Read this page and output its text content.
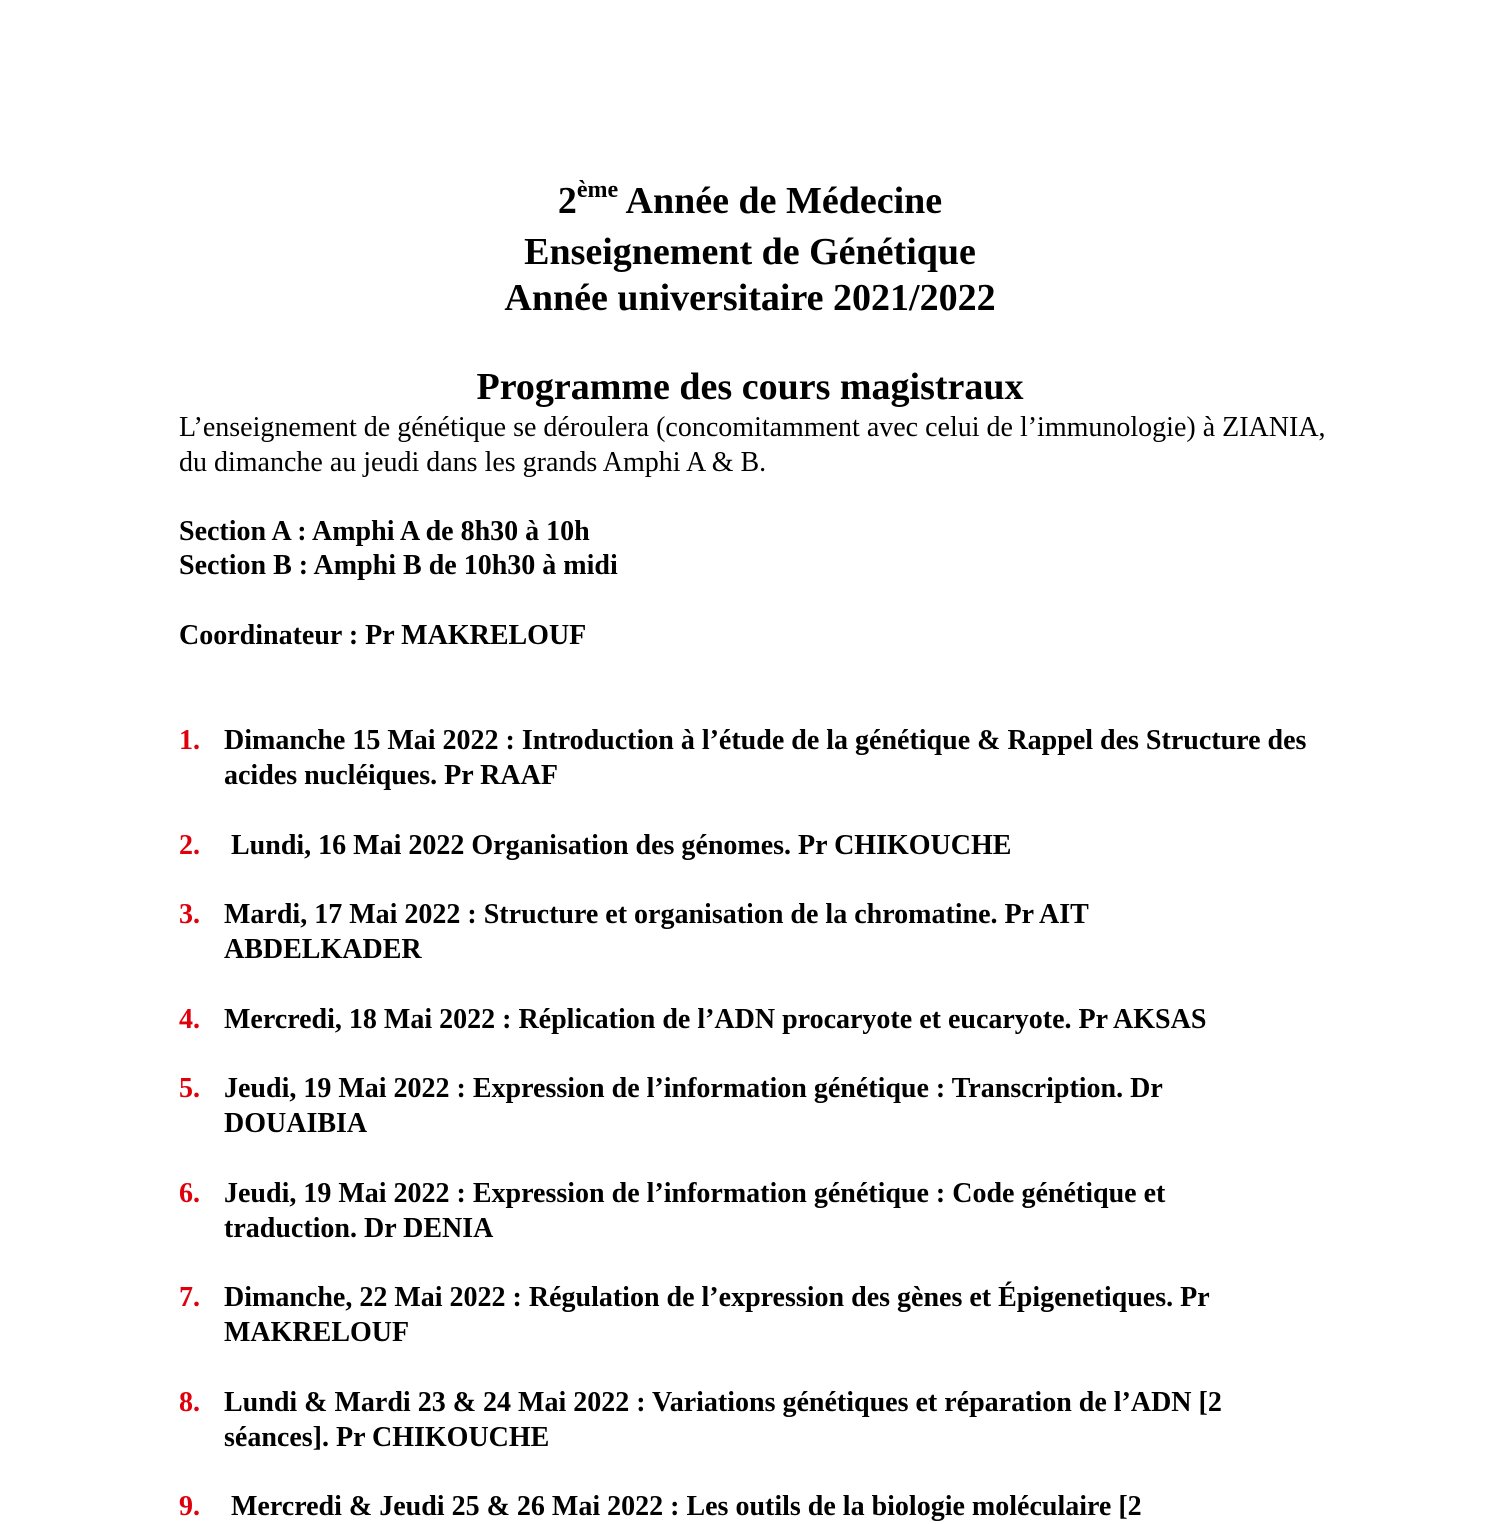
2ème Année de Médecine
Enseignement de Génétique
Année universitaire 2021/2022
Programme des cours magistraux
L’enseignement de génétique se déroulera (concomitamment avec celui de l’immunologie) à ZIANIA, du dimanche au jeudi dans les grands Amphi A & B.
Section A : Amphi A de 8h30 à 10h
Section B : Amphi B de 10h30 à midi
Coordinateur : Pr MAKRELOUF
1. Dimanche 15 Mai 2022 : Introduction à l’étude de la génétique & Rappel des Structure des acides nucléiques. Pr RAAF
2. Lundi, 16 Mai 2022 Organisation des génomes. Pr CHIKOUCHE
3. Mardi, 17 Mai 2022 : Structure et organisation de la chromatine. Pr AIT ABDELKADER
4. Mercredi, 18 Mai 2022 : Réplication de l’ADN procaryote et eucaryote. Pr AKSAS
5. Jeudi, 19 Mai 2022 : Expression de l’information génétique : Transcription. Dr DOUAIBIA
6. Jeudi, 19 Mai 2022 : Expression de l’information génétique : Code génétique et traduction. Dr DENIA
7. Dimanche, 22 Mai 2022 : Régulation de l’expression des gènes et Épigenetiques. Pr MAKRELOUF
8. Lundi & Mardi 23 & 24 Mai 2022 : Variations génétiques et réparation de l’ADN [2 séances]. Pr CHIKOUCHE
9. Mercredi & Jeudi 25 & 26 Mai 2022 : Les outils de la biologie moléculaire [2
